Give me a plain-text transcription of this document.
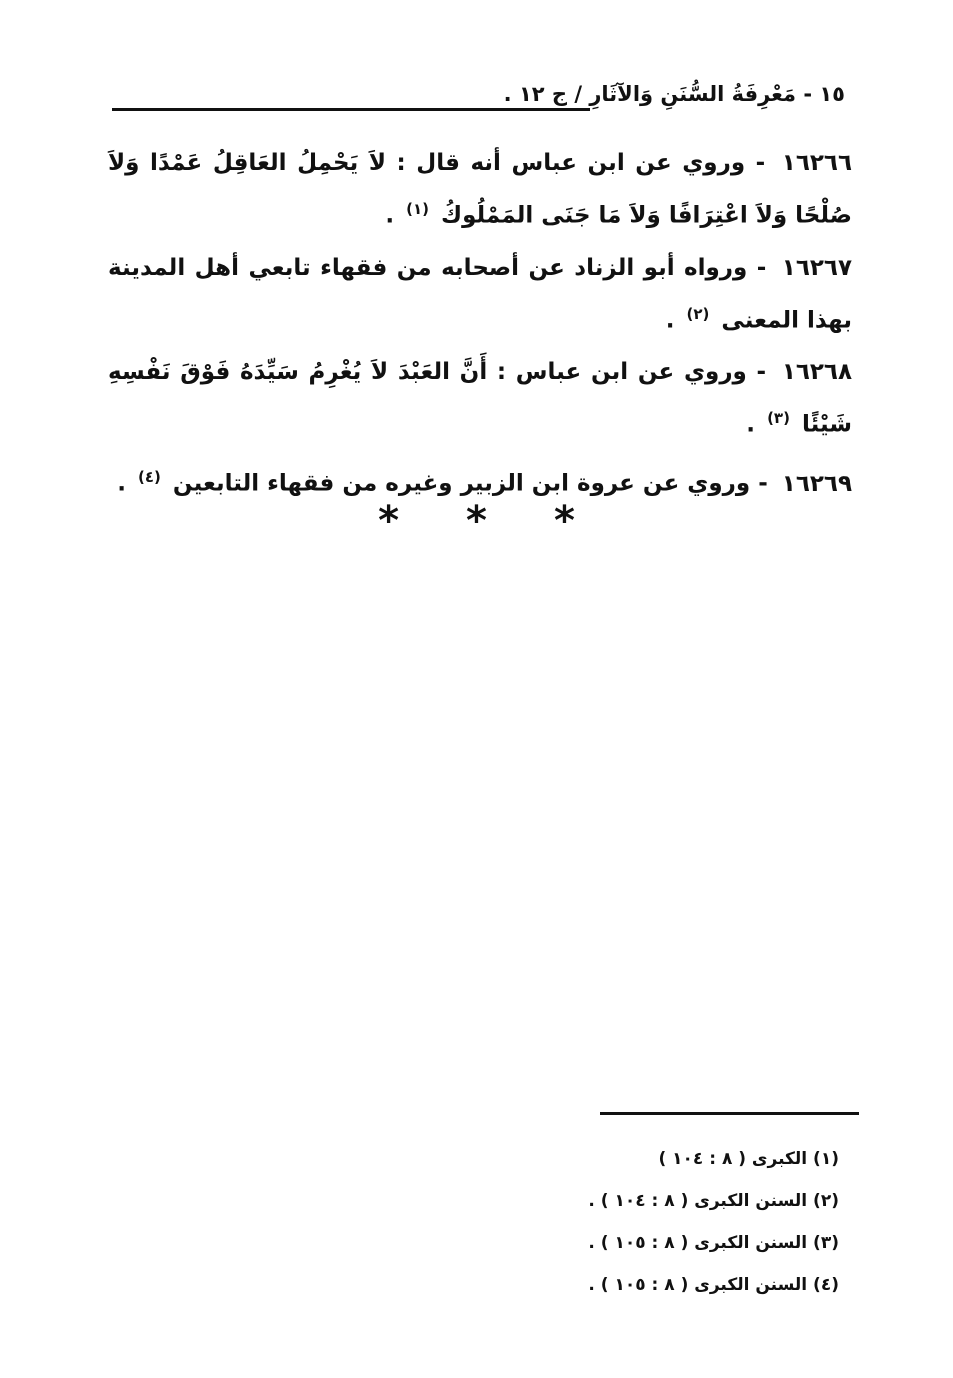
١٥ - مَعْرِفَةُ السُّنَنِ وَالآثَارِ / ج ١٢ .

١٦٢٦٦ - وروي عن ابن عباس أنه قال : لاَ يَحْمِلُ العَاقِلُ عَمْدًا وَلاَ صُلْحًا وَلاَ اعْتِرَافًا وَلاَ مَا جَنَى المَمْلُوكُ $^{(١)}$ .

١٦٢٦٧ - ورواه أبو الزناد عن أصحابه من فقهاء تابعي أهل المدينة بهذا المعنى $^{(٢)}$ .

١٦٢٦٨ - وروي عن ابن عباس : أَنَّ العَبْدَ لاَ يُغْرِمُ سَيِّدَهُ فَوْقَ نَفْسِهِ شَيْئًا $^{(٣)}$ .

١٦٢٦٩ - وروي عن عروة ابن الزبير وغيره من فقهاء التابعين $^{(٤)}$ .

* * *
(١) الكبرى ( ٨ : ١٠٤ )
(٢) السنن الكبرى ( ٨ : ١٠٤ ) .
(٣) السنن الكبرى ( ٨ : ١٠٥ ) .
(٤) السنن الكبرى ( ٨ : ١٠٥ ) .
